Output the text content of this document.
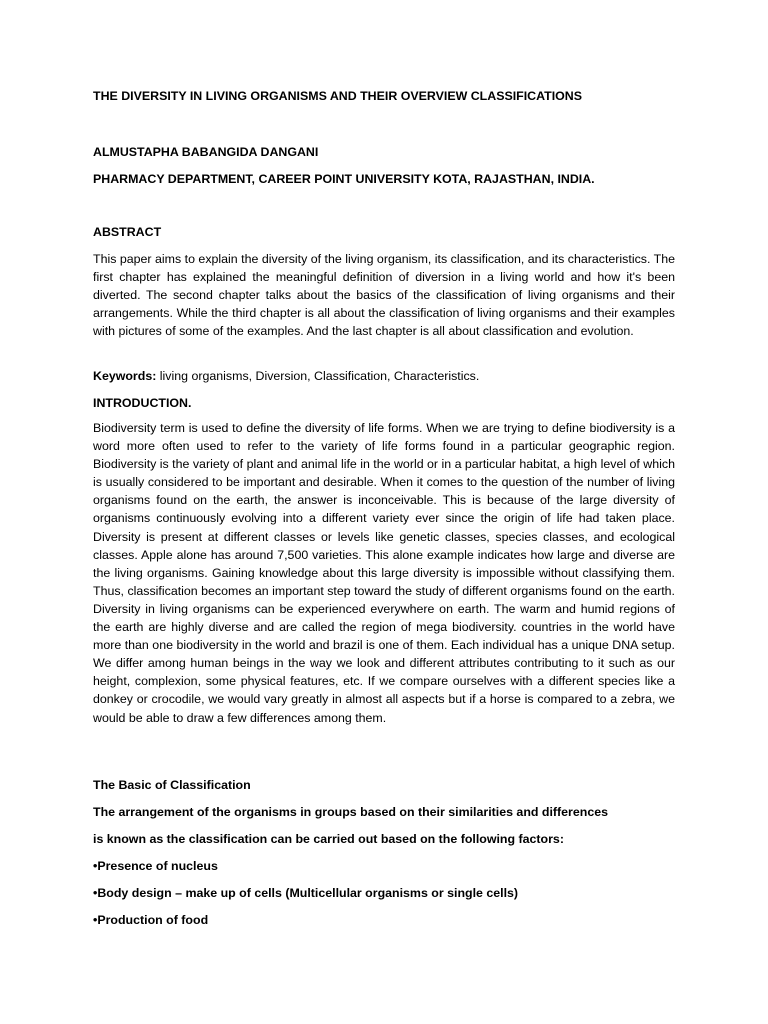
THE DIVERSITY IN LIVING ORGANISMS AND THEIR OVERVIEW CLASSIFICATIONS

ALMUSTAPHA BABANGIDA DANGANI

PHARMACY DEPARTMENT, CAREER POINT UNIVERSITY KOTA, RAJASTHAN, INDIA.

ABSTRACT

This paper aims to explain the diversity of the living organism, its classification, and its characteristics. The first chapter has explained the meaningful definition of diversion in a living world and how it's been diverted. The second chapter talks about the basics of the classification of living organisms and their arrangements. While the third chapter is all about the classification of living organisms and their examples with pictures of some of the examples. And the last chapter is all about classification and evolution.

Keywords: living organisms, Diversion, Classification, Characteristics.

INTRODUCTION.

Biodiversity term is used to define the diversity of life forms. When we are trying to define biodiversity is a word more often used to refer to the variety of life forms found in a particular geographic region. Biodiversity is the variety of plant and animal life in the world or in a particular habitat, a high level of which is usually considered to be important and desirable. When it comes to the question of the number of living organisms found on the earth, the answer is inconceivable. This is because of the large diversity of organisms continuously evolving into a different variety ever since the origin of life had taken place. Diversity is present at different classes or levels like genetic classes, species classes, and ecological classes. Apple alone has around 7,500 varieties. This alone example indicates how large and diverse are the living organisms. Gaining knowledge about this large diversity is impossible without classifying them. Thus, classification becomes an important step toward the study of different organisms found on the earth. Diversity in living organisms can be experienced everywhere on earth. The warm and humid regions of the earth are highly diverse and are called the region of mega biodiversity. countries in the world have more than one biodiversity in the world and brazil is one of them. Each individual has a unique DNA setup. We differ among human beings in the way we look and different attributes contributing to it such as our height, complexion, some physical features, etc. If we compare ourselves with a different species like a donkey or crocodile, we would vary greatly in almost all aspects but if a horse is compared to a zebra, we would be able to draw a few differences among them.

The Basic of Classification

The arrangement of the organisms in groups based on their similarities and differences

is known as the classification can be carried out based on the following factors:

•Presence of nucleus

•Body design – make up of cells (Multicellular organisms or single cells)

•Production of food
